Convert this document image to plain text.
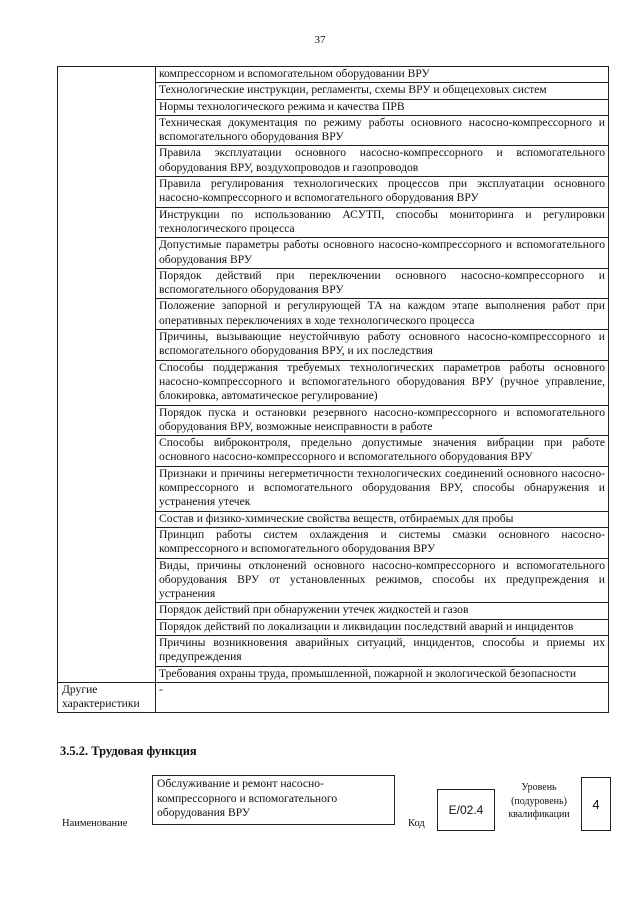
37
	компрессорном и вспомогательном оборудовании ВРУ
	Технологические инструкции, регламенты, схемы ВРУ и общецеховых систем
	Нормы технологического режима и качества ПРВ
	Техническая документация по режиму работы основного насосно-компрессорного и вспомогательного оборудования ВРУ
	Правила эксплуатации основного насосно-компрессорного и вспомогательного оборудования ВРУ, воздухопроводов и газопроводов
	Правила регулирования технологических процессов при эксплуатации основного насосно-компрессорного и вспомогательного оборудования ВРУ
	Инструкции по использованию АСУТП, способы мониторинга и регулировки технологического процесса
	Допустимые параметры работы основного насосно-компрессорного и вспомогательного оборудования ВРУ
	Порядок действий при переключении основного насосно-компрессорного и вспомогательного оборудования ВРУ
	Положение запорной и регулирующей ТА на каждом этапе выполнения работ при оперативных переключениях в ходе технологического процесса
	Причины, вызывающие неустойчивую работу основного насосно-компрессорного и вспомогательного оборудования ВРУ, и их последствия
	Способы поддержания требуемых технологических параметров работы основного насосно-компрессорного и вспомогательного оборудования ВРУ (ручное управление, блокировка, автоматическое регулирование)
	Порядок пуска и остановки резервного насосно-компрессорного и вспомогательного оборудования ВРУ, возможные неисправности в работе
	Способы виброконтроля, предельно допустимые значения вибрации при работе основного насосно-компрессорного и вспомогательного оборудования ВРУ
	Признаки и причины негерметичности технологических соединений основного насосно-компрессорного и вспомогательного оборудования ВРУ, способы обнаружения и устранения утечек
	Состав и физико-химические свойства веществ, отбираемых для пробы
	Принцип работы систем охлаждения и системы смазки основного насосно-компрессорного и вспомогательного оборудования ВРУ
	Виды, причины отклонений основного насосно-компрессорного и вспомогательного оборудования ВРУ от установленных режимов, способы их предупреждения и устранения
	Порядок действий при обнаружении утечек жидкостей и газов
	Порядок действий по локализации и ликвидации последствий аварий и инцидентов
	Причины возникновения аварийных ситуаций, инцидентов, способы и приемы их предупреждения
	Требования охраны труда, промышленной, пожарной и экологической безопасности
Другие характеристики	-
3.5.2. Трудовая функция
Наименование
Обслуживание и ремонт насосно-компрессорного и вспомогательного оборудования ВРУ
Код
E/02.4
Уровень (подуровень) квалификации
4
